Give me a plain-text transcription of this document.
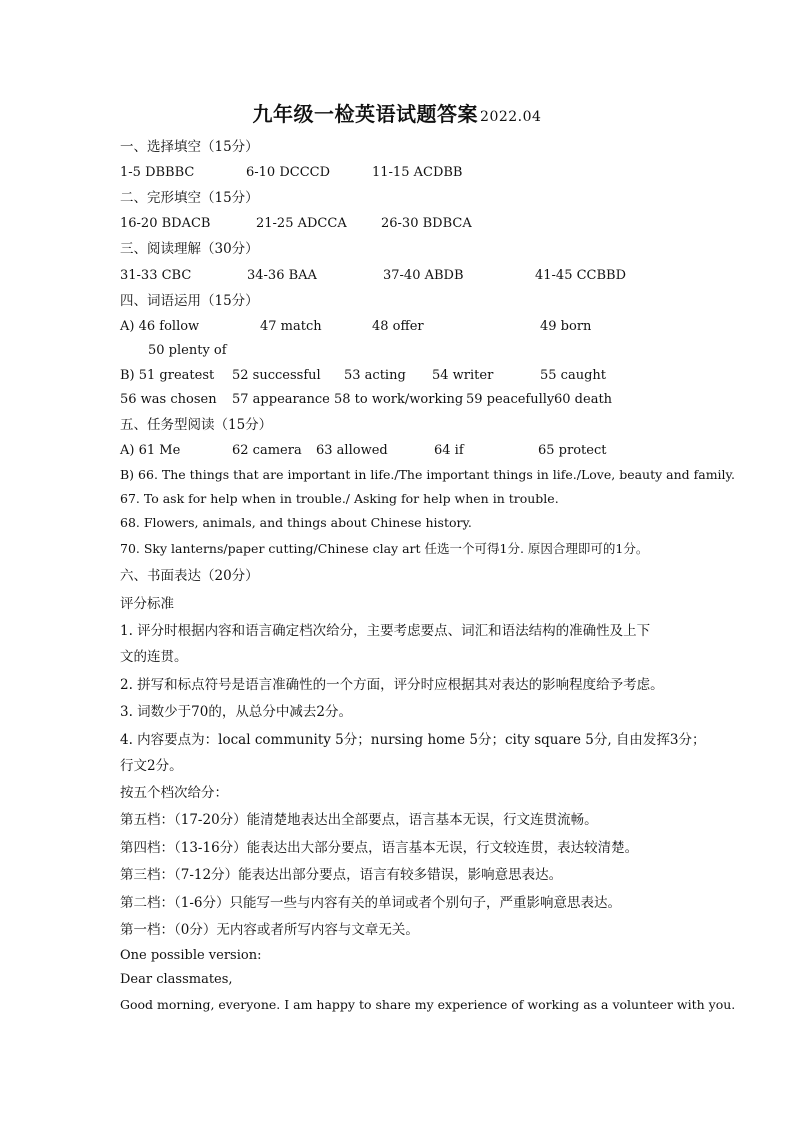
九年级一检英语试题答案 2022.04
一、选择填空（15分）
1-5 DBBBC	6-10 DCCCD	11-15 ACDBB
二、完形填空（15分）
16-20 BDACB	21-25 ADCCA	26-30 BDBCA
三、阅读理解（30分）
31-33 CBC	34-36 BAA	37-40 ABDB	41-45 CCBBD
四、词语运用（15分）
A) 46 follow	47 match	48 offer	49 born
50 plenty of
B) 51 greatest 52 successful 53 acting 54 writer	55 caught
56 was chosen 57 appearance 58 to work/working 59 peacefully 60 death
五、任务型阅读（15分）
A) 61 Me	62 camera 63 allowed	64 if	65 protect
B) 66. The things that are important in life./The important things in life./Love, beauty and family.
67. To ask for help when in trouble./ Asking for help when in trouble.
68. Flowers, animals, and things about Chinese history.
70. Sky lanterns/paper cutting/Chinese clay art 任选一个可得1分. 原因合理即可的1分。
六、书面表达（20分）
评分标准
1. 评分时根据内容和语言确定档次给分，主要考虑要点、词汇和语法结构的准确性及上下
文的连贯。
2. 拼写和标点符号是语言准确性的一个方面，评分时应根据其对表达的影响程度给予考虑。
3. 词数少于70的，从总分中减去2分。
4. 内容要点为：local community 5分；nursing home 5分；city square 5分, 自由发挥3分；
行文2分。
按五个档次给分：
第五档：（17-20分）能清楚地表达出全部要点，语言基本无误，行文连贯流畅。
第四档：（13-16分）能表达出大部分要点，语言基本无误，行文较连贯，表达较清楚。
第三档：（7-12分）能表达出部分要点，语言有较多错误，影响意思表达。
第二档：（1-6分）只能写一些与内容有关的单词或者个别句子，严重影响意思表达。
第一档：（0分）无内容或者所写内容与文章无关。
One possible version:
Dear classmates,
Good morning, everyone. I am happy to share my experience of working as a volunteer with you.
